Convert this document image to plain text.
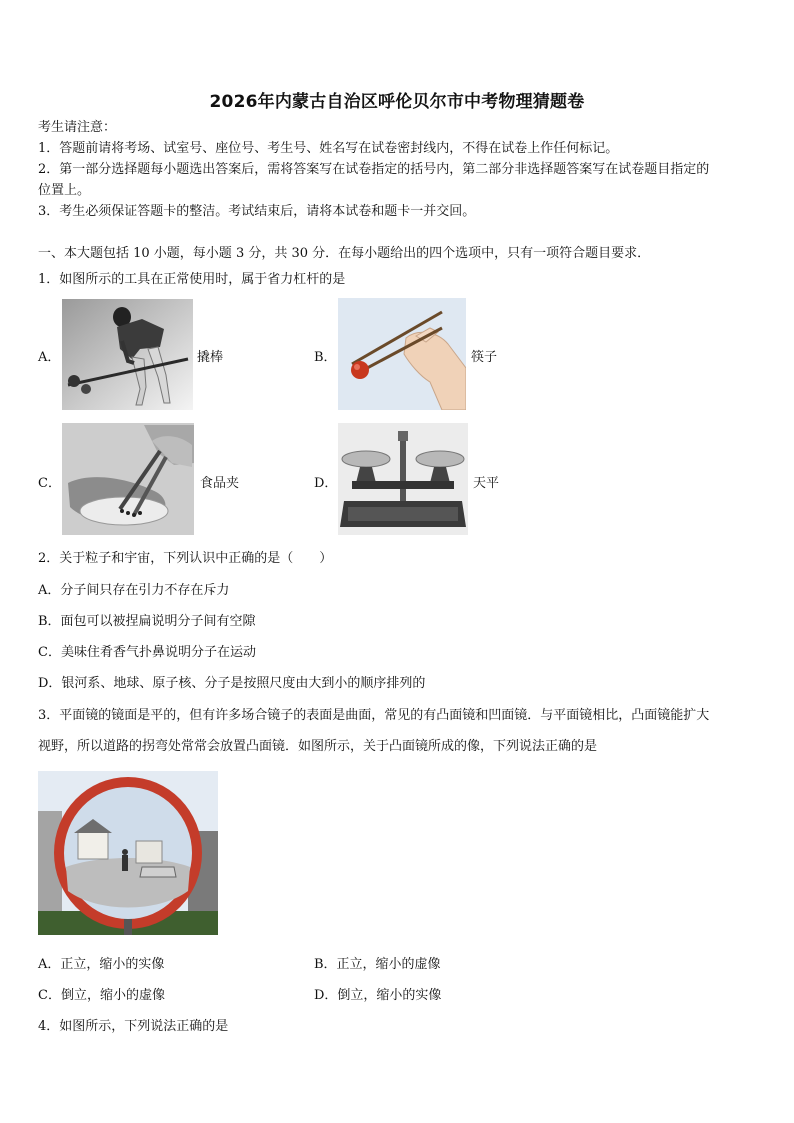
2026年内蒙古自治区呼伦贝尔市中考物理猜题卷
考生请注意：
1．答题前请将考场、试室号、座位号、考生号、姓名写在试卷密封线内，不得在试卷上作任何标记。
2．第一部分选择题每小题选出答案后，需将答案写在试卷指定的括号内，第二部分非选择题答案写在试卷题目指定的
位置上。
3．考生必须保证答题卡的整洁。考试结束后，请将本试卷和题卡一并交回。
一、本大题包括 10 小题，每小题 3 分，共 30 分．在每小题给出的四个选项中，只有一项符合题目要求．
1．如图所示的工具在正常使用时，属于省力杠杆的是
A．	撬棒	B．	筷子
C．	食品夹	D．	天平
2．关于粒子和宇宙，下列认识中正确的是（　　）
A．分子间只存在引力不存在斥力
B．面包可以被捏扁说明分子间有空隙
C．美味住肴香气扑鼻说明分子在运动
D．银河系、地球、原子核、分子是按照尺度由大到小的顺序排列的
3．平面镜的镜面是平的，但有许多场合镜子的表面是曲面，常见的有凸面镜和凹面镜．与平面镜相比，凸面镜能扩大
视野，所以道路的拐弯处常常会放置凸面镜．如图所示，关于凸面镜所成的像，下列说法正确的是
A．正立，缩小的实像	B．正立，缩小的虚像
C．倒立，缩小的虚像	D．倒立，缩小的实像
4．如图所示，下列说法正确的是
